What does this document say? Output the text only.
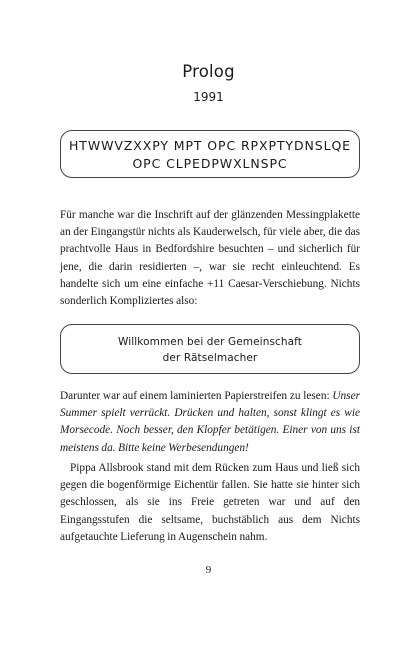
Prolog
1991
HTWWVZXXPY MPT OPC RPXPTYDNSLQE
OPC CLPEDPWXLNSPC

Für manche war die Inschrift auf der glänzenden Messingplakette an der Eingangstür nichts als Kauderwelsch, für viele aber, die das prachtvolle Haus in Bedfordshire besuchten – und sicherlich für jene, die darin residierten –, war sie recht einleuchtend. Es handelte sich um eine einfache +11 Caesar-Verschiebung. Nichts sonderlich Kompliziertes also:

Willkommen bei der Gemeinschaft
der Rätselmacher

Darunter war auf einem laminierten Papierstreifen zu lesen: Unser Summer spielt verrückt. Drücken und halten, sonst klingt es wie Morsecode. Noch besser, den Klopfer betätigen. Einer von uns ist meistens da. Bitte keine Werbesendungen!

Pippa Allsbrook stand mit dem Rücken zum Haus und ließ sich gegen die bogenförmige Eichentür fallen. Sie hatte sie hinter sich geschlossen, als sie ins Freie getreten war und auf den Eingangsstufen die seltsame, buchstäblich aus dem Nichts aufgetauchte Lieferung in Augenschein nahm.

9
